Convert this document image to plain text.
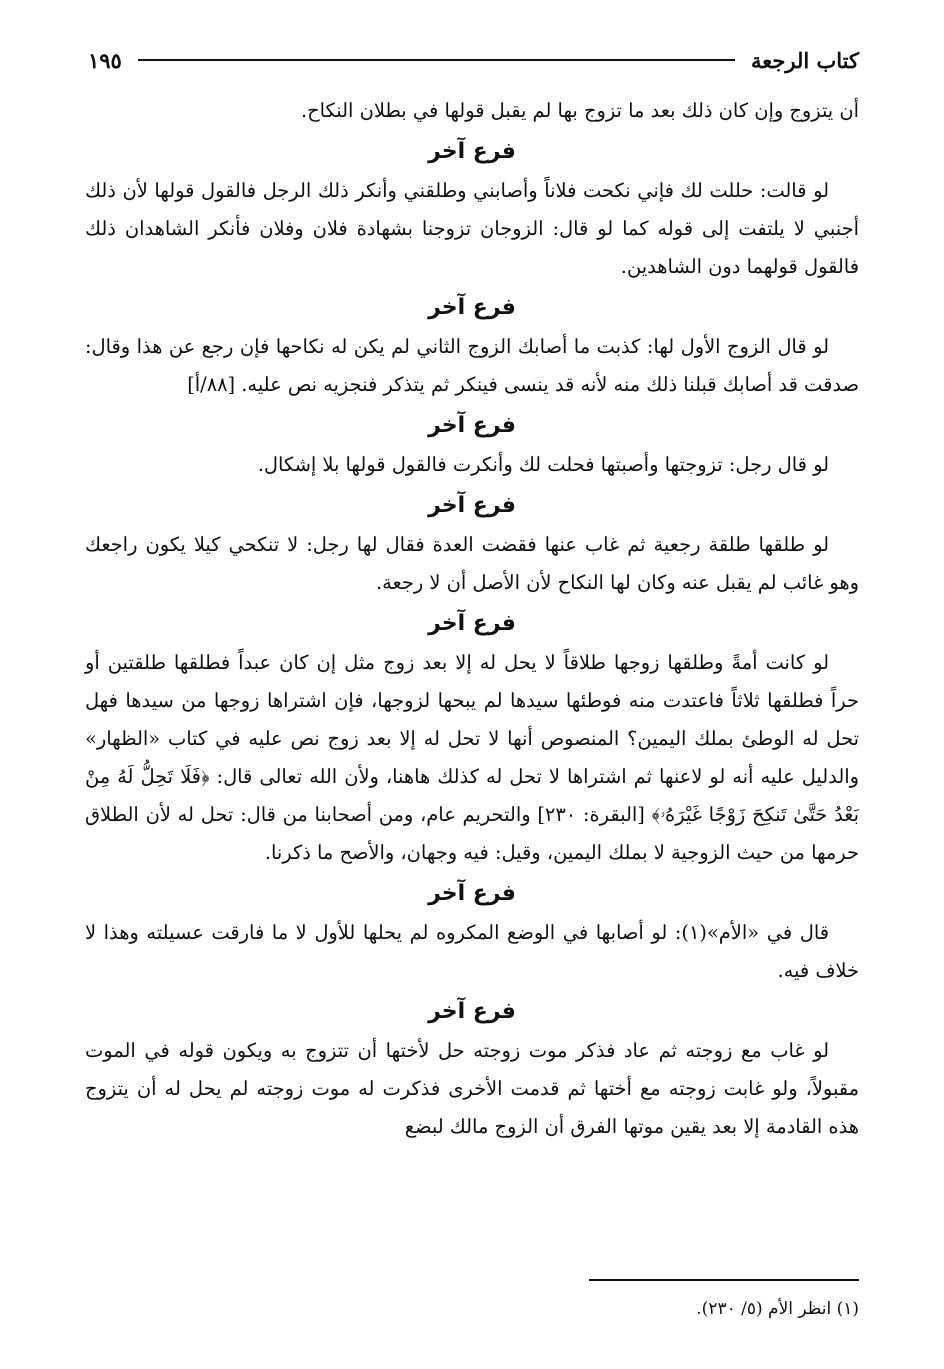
كتاب الرجعة
١٩٥

أن يتزوج وإن كان ذلك بعد ما تزوج بها لم يقبل قولها في بطلان النكاح.

فرع آخر

لو قالت: حللت لك فإني نكحت فلاناً وأصابني وطلقني وأنكر ذلك الرجل فالقول قولها لأن ذلك أجنبي لا يلتفت إلى قوله كما لو قال: الزوجان تزوجنا بشهادة فلان وفلان فأنكر الشاهدان ذلك فالقول قولهما دون الشاهدين.

فرع آخر

لو قال الزوج الأول لها: كذبت ما أصابك الزوج الثاني لم يكن له نكاحها فإن رجع عن هذا وقال: صدقت قد أصابك قبلنا ذلك منه لأنه قد ينسى فينكر ثم يتذكر فنجزيه نص عليه. [٨٨/أ]

فرع آخر

لو قال رجل: تزوجتها وأصبتها فحلت لك وأنكرت فالقول قولها بلا إشكال.

فرع آخر

لو طلقها طلقة رجعية ثم غاب عنها فقضت العدة فقال لها رجل: لا تنكحي كيلا يكون راجعك وهو غائب لم يقبل عنه وكان لها النكاح لأن الأصل أن لا رجعة.

فرع آخر

لو كانت أمةً وطلقها زوجها طلاقاً لا يحل له إلا بعد زوج مثل إن كان عبداً فطلقها طلقتين أو حراً فطلقها ثلاثاً فاعتدت منه فوطئها سيدها لم يبحها لزوجها، فإن اشتراها زوجها من سيدها فهل تحل له الوطئ بملك اليمين؟ المنصوص أنها لا تحل له إلا بعد زوج نص عليه في كتاب «الظهار» والدليل عليه أنه لو لاعنها ثم اشتراها لا تحل له كذلك هاهنا، ولأن الله تعالى قال: ﴿فَلَا تَحِلُّ لَهُ مِنْ بَعْدُ حَتَّىٰ تَنكِحَ زَوْجًا غَيْرَهُۥ﴾ [البقرة: ٢٣٠] والتحريم عام، ومن أصحابنا من قال: تحل له لأن الطلاق حرمها من حيث الزوجية لا بملك اليمين، وقيل: فيه وجهان، والأصح ما ذكرنا.

فرع آخر

قال في «الأم»(١): لو أصابها في الوضع المكروه لم يحلها للأول لا ما فارقت عسيلته وهذا لا خلاف فيه.

فرع آخر

لو غاب مع زوجته ثم عاد فذكر موت زوجته حل لأختها أن تتزوج به ويكون قوله في الموت مقبولاً، ولو غابت زوجته مع أختها ثم قدمت الأخرى فذكرت له موت زوجته لم يحل له أن يتزوج هذه القادمة إلا بعد يقين موتها الفرق أن الزوج مالك لبضع

(١) انظر الأم (٥/ ٢٣٠).
